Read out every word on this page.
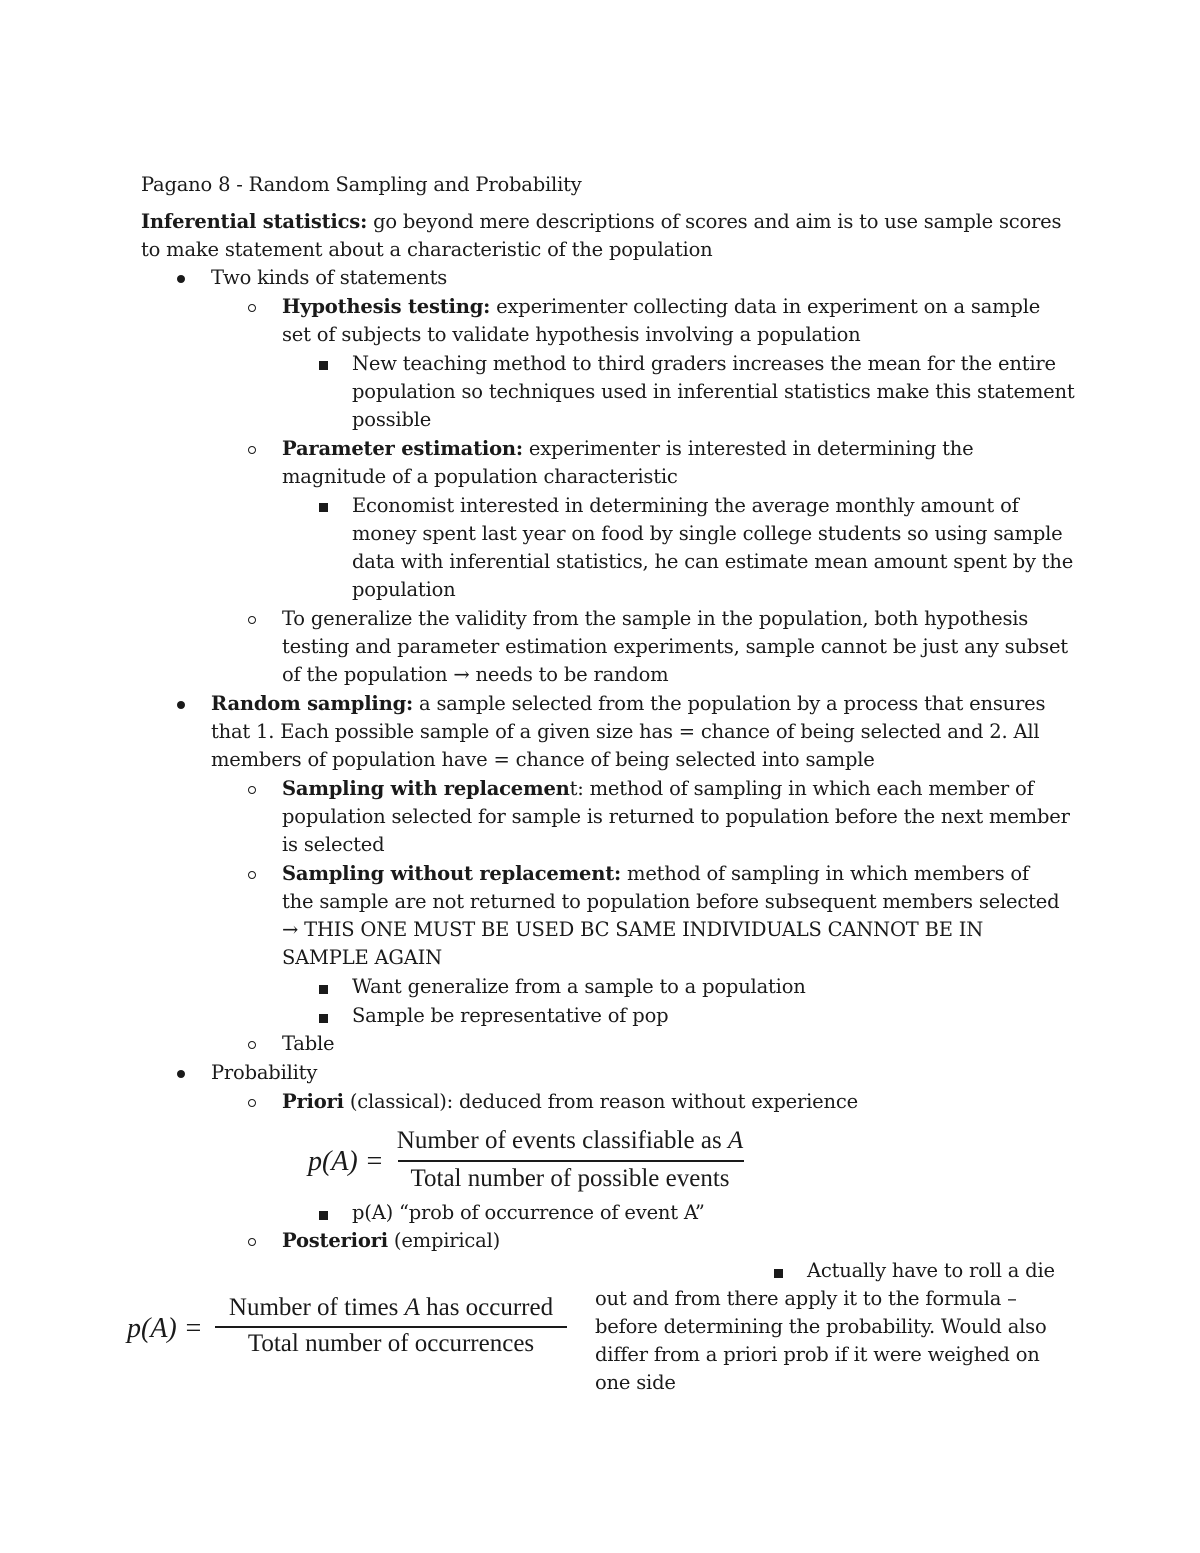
Pagano 8 - Random Sampling and Probability
Inferential statistics: go beyond mere descriptions of scores and aim is to use sample scores
to make statement about a characteristic of the population
Two kinds of statements
Hypothesis testing: experimenter collecting data in experiment on a sample
set of subjects to validate hypothesis involving a population
New teaching method to third graders increases the mean for the entire
population so techniques used in inferential statistics make this statement
possible
Parameter estimation: experimenter is interested in determining the
magnitude of a population characteristic
Economist interested in determining the average monthly amount of
money spent last year on food by single college students so using sample
data with inferential statistics, he can estimate mean amount spent by the
population
To generalize the validity from the sample in the population, both hypothesis
testing and parameter estimation experiments, sample cannot be just any subset
of the population → needs to be random
Random sampling: a sample selected from the population by a process that ensures
that 1. Each possible sample of a given size has = chance of being selected and 2. All
members of population have = chance of being selected into sample
Sampling with replacement: method of sampling in which each member of
population selected for sample is returned to population before the next member
is selected
Sampling without replacement: method of sampling in which members of
the sample are not returned to population before subsequent members selected
→ THIS ONE MUST BE USED BC SAME INDIVIDUALS CANNOT BE IN
SAMPLE AGAIN
Want generalize from a sample to a population
Sample be representative of pop
Table
Probability
Priori (classical): deduced from reason without experience
p(A) =
Number of events classifiable as A
Total number of possible events
p(A) “prob of occurrence of event A”
Posteriori (empirical)
p(A) =
Number of times A has occurred
Total number of occurrences
Actually have to roll a die
out and from there apply it to the formula –
before determining the probability. Would also
differ from a priori prob if it were weighed on
one side
